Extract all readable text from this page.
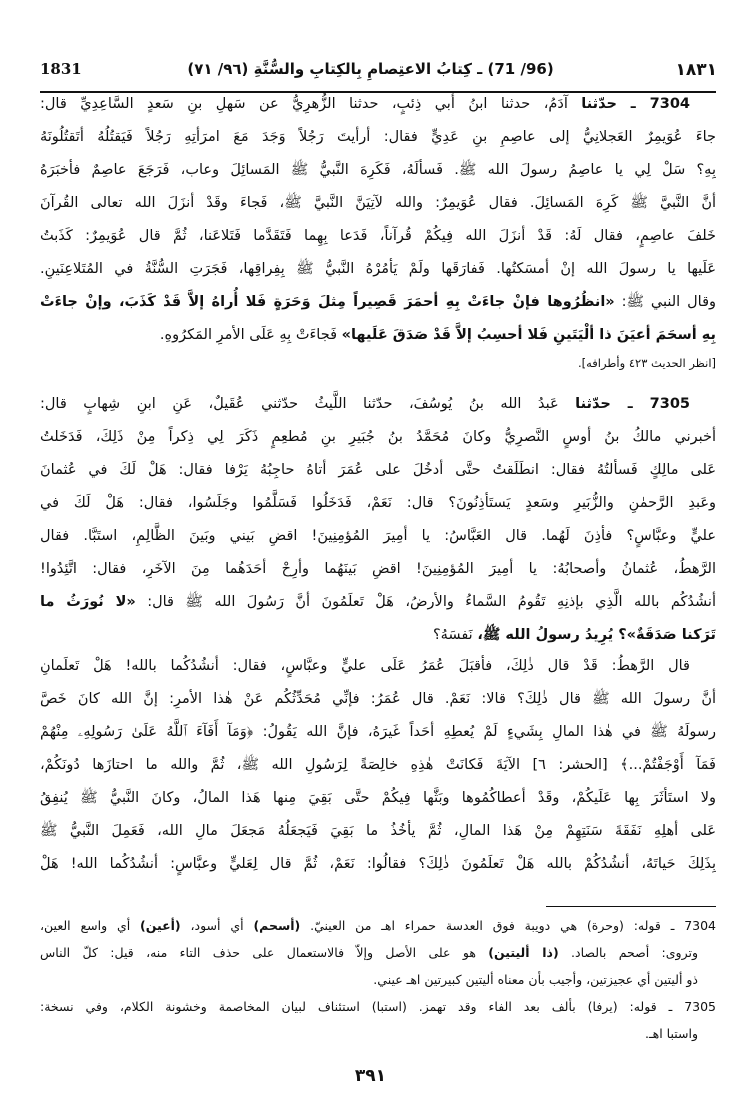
١٨٣١
(96/ 71) ـ كِتابُ الاعتِصامِ بِالكِتابِ والسُّنَّةِ (٩٦/ ٧١)
1831
7304 ـ حدّثنا آدَمُ، حدثنا ابنُ أبي ذِئبٍ، حدثنا الزُّهرِيُّ عن سَهلِ بنِ سَعدٍ السَّاعِدِيِّ قال:
جاءَ عُوَيمِرٌ العَجلانِيُّ إلى عاصِمِ بنِ عَدِيٍّ فقال: أرأيتَ رَجُلاً وَجَدَ مَعَ امرَأتِهِ رَجُلاً فَيَقتُلُهُ أتَقتُلُونَهُ
بِهِ؟ سَلْ لِي يا عاصِمُ رسولَ الله ﷺ. فَسألَهُ، فَكَرِهَ النَّبيُّ ﷺ المَسائِلَ وعاب، فَرَجَعَ عاصِمٌ فأخبَرَهُ
أنَّ النَّبيَّ ﷺ كَرِهَ المَسائِلَ. فقال عُوَيمِرٌ: والله لآتِيَنَّ النَّبيَّ ﷺ، فَجاءَ وقَدْ أنزَلَ الله تعالى القُرآنَ
خَلفَ عاصِمٍ، فقال لَهُ: قَدْ أنزَلَ الله فِيكُمْ قُرآناً، فَدَعا بِهِما فَتَقَدَّما فَتَلاعَنا، ثُمَّ قال عُوَيمِرٌ: كَذَبتُ
عَلَيها يا رسولَ الله إنْ أمسَكتُها. فَفارَقَها ولَمْ يَأمُرْهُ النَّبيُّ ﷺ بِفِراقِها، فَجَرَتِ السُّنَّةُ في المُتَلاعِنَينِ.
وقال النبي ﷺ: «انظُرُوها فإنْ جاءَتْ بِهِ أحمَرَ قَصِيراً مِثلَ وَحَرَةٍ فَلا أُراهُ إلاَّ قَدْ كَذَبَ، وإنْ جاءَتْ
بِهِ أسحَمَ أعيَنَ ذا ألْيَتَينِ فَلا أحسِبُ إلاَّ قَدْ صَدَقَ عَلَيها» فَجاءَتْ بِهِ عَلَى الأمرِ المَكرُوهِ.
[انظر الحديث ٤٢٣ وأطرافه].
7305 ـ حدّثنا عَبدُ الله بنُ يُوسُفَ، حدّثنا اللَّيثُ حدّثني عُقَيلٌ، عَنِ ابنِ شِهابٍ قال:
أخبرني مالكُ بنُ أوسٍ النَّصرِيُّ وكانَ مُحَمَّدُ بنُ جُبَيرِ بنِ مُطعِمٍ ذَكَرَ لِي ذِكراً مِنْ ذَلِكَ، فَدَخَلتُ
عَلى مالِكٍ فَسألتُهُ فقال: انطَلَقتُ حتَّى أدخُلَ على عُمَرَ أتاهُ حاجِبُهُ يَرْفا فقال: هَلْ لَكَ في عُثمانَ
وعَبدِ الرَّحمٰنِ والزُّبَيرِ وسَعدٍ يَستَأذِنُونَ؟ قال: نَعَمْ، فَدَخَلُوا فَسَلَّمُوا وجَلَسُوا، فقال: هَلْ لَكَ في
عليٍّ وعبَّاسٍ؟ فأذِنَ لَهُما. قال العَبَّاسُ: يا أمِيرَ المُؤمِنِينَ! اقضِ بَيني وبَينَ الظَّالِمِ، استَبَّا. فقال
الرَّهطُ، عُثمانُ وأصحابُهُ: يا أمِيرَ المُؤمِنِينَ! اقضِ بَينَهُما وأرِحْ أحَدَهُما مِنَ الآخَرِ، فقال: اتَّئِدُوا!
أنشُدُكُم بالله الَّذِي بإذنِهِ تَقُومُ السَّماءُ والأرضُ، هَلْ تَعلَمُونَ أنَّ رَسُولَ الله ﷺ قال: «لا نُورَثُ ما
تَرَكنا صَدَقَةٌ»؟ يُرِيدُ رسولُ الله ﷺ، نَفسَهُ؟
قال الرَّهطُ: قَدْ قال ذٰلِكَ، فأقبَلَ عُمَرُ عَلَى عليٍّ وعبَّاسٍ، فقال: أنشُدُكُما بالله! هَلْ تَعلَمانِ
أنَّ رسولَ الله ﷺ قال ذٰلِكَ؟ قالا: نَعَمْ. قال عُمَرُ: فإنِّي مُحَدِّثُكُم عَنْ هٰذا الأمرِ: إنَّ الله كانَ خَصَّ
رسولَهُ ﷺ في هٰذا المالِ بِشَيءٍ لَمْ يُعطِهِ أحَداً غَيرَهُ، فإنَّ الله يَقُولُ: ﴿وَمَآ أَفَآءَ ٱللَّهُ عَلَىٰ رَسُولِهِۦ مِنْهُمْ
فَمَآ أَوْجَفْتُمْ...﴾ [الحشر: ٦] الآيَةَ فَكانَتْ هٰذِهِ خالِصَةً لِرَسُولِ الله ﷺ، ثُمَّ والله ما احتازَها دُونَكُمْ،
ولا استَأثَرَ بِها عَلَيكُمْ، وقَدْ أعطاكُمُوها وبَثَّها فِيكُمْ حتَّى بَقِيَ مِنها هَذا المالُ، وكانَ النَّبيُّ ﷺ يُنفِقُ
عَلى أهلِهِ نَفَقَةَ سَنَتِهِمْ مِنْ هَذا المالِ، ثُمَّ يأخُذُ ما بَقِيَ فَيَجعَلُهُ مَجعَلَ مالِ الله، فَعَمِلَ النَّبيُّ ﷺ
بِذَلِكَ حَياتَهُ، أنشُدُكُمْ بالله هَلْ تَعلَمُونَ ذٰلِكَ؟ فقالُوا: نَعَمْ، ثُمَّ قال لِعَليٍّ وعبَّاسٍ: أنشُدُكُما الله! هَلْ
7304 ـ قوله: (وحرة) هي دويبة فوق العدسة حمراء اهـ من العينيّ. (أسحم) أي أسود، (أعين) أي واسع العين،
وتروى: أصحم بالصاد. (ذا أليتين) هو على الأصل وإلاّ فالاستعمال على حذف التاء منه، قيل: كلّ الناس
ذو أليتين أي عجيزتين، وأجيب بأن معناه أليتين كبيرتين اهـ عيني.
7305 ـ قوله: (يرفا) بألف بعد الفاء وقد تهمز. (استبا) استئناف لبيان المخاصمة وخشونة الكلام، وفي نسخة:
واستبا اهـ.
٣٩١
